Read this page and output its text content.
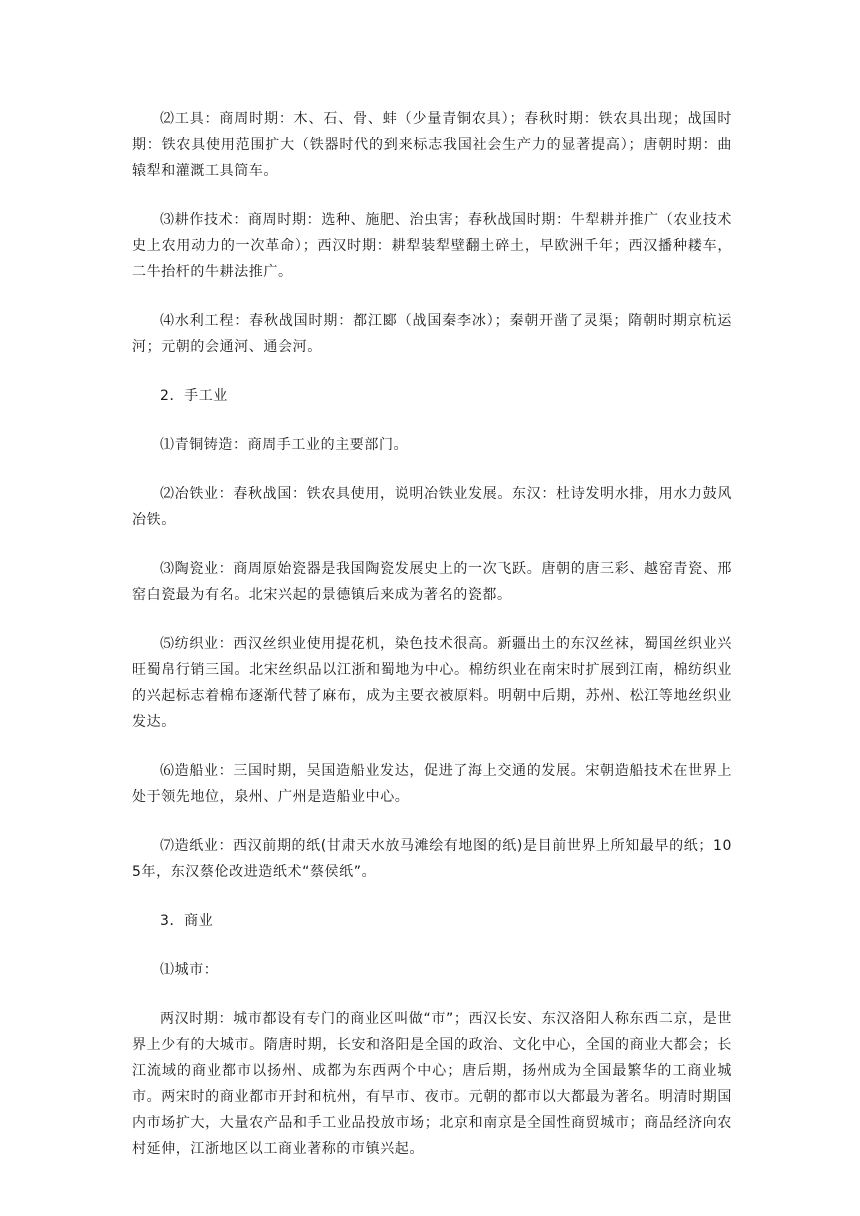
⑵工具：商周时期：木、石、骨、蚌（少量青铜农具）；春秋时期：铁农具出现；战国时期：铁农具使用范围扩大（铁器时代的到来标志我国社会生产力的显著提高）；唐朝时期：曲辕犁和灌溉工具筒车。

⑶耕作技术：商周时期：选种、施肥、治虫害；春秋战国时期：牛犁耕并推广（农业技术史上农用动力的一次革命）；西汉时期：耕犁装犁壁翻土碎土，早欧洲千年；西汉播种耧车，二牛抬杆的牛耕法推广。

⑷水利工程：春秋战国时期：都江郾（战国秦李冰）；秦朝开凿了灵渠；隋朝时期京杭运河；元朝的会通河、通会河。

2．手工业

⑴青铜铸造：商周手工业的主要部门。

⑵冶铁业：春秋战国：铁农具使用，说明冶铁业发展。东汉：杜诗发明水排，用水力鼓风冶铁。

⑶陶瓷业：商周原始瓷器是我国陶瓷发展史上的一次飞跃。唐朝的唐三彩、越窑青瓷、邢窑白瓷最为有名。北宋兴起的景德镇后来成为著名的瓷都。

⑸纺织业：西汉丝织业使用提花机，染色技术很高。新疆出土的东汉丝袜，蜀国丝织业兴旺蜀帛行销三国。北宋丝织品以江浙和蜀地为中心。棉纺织业在南宋时扩展到江南，棉纺织业的兴起标志着棉布逐渐代替了麻布，成为主要衣被原料。明朝中后期，苏州、松江等地丝织业发达。

⑹造船业：三国时期，吴国造船业发达，促进了海上交通的发展。宋朝造船技术在世界上处于领先地位，泉州、广州是造船业中心。

⑺造纸业：西汉前期的纸(甘肃天水放马滩绘有地图的纸)是目前世界上所知最早的纸；105年，东汉蔡伦改进造纸术“蔡侯纸”。

3．商业

⑴城市：

两汉时期：城市都设有专门的商业区叫做“市”；西汉长安、东汉洛阳人称东西二京，是世界上少有的大城市。隋唐时期，长安和洛阳是全国的政治、文化中心，全国的商业大都会；长江流域的商业都市以扬州、成都为东西两个中心；唐后期，扬州成为全国最繁华的工商业城市。两宋时的商业都市开封和杭州，有早市、夜市。元朝的都市以大都最为著名。明清时期国内市场扩大，大量农产品和手工业品投放市场；北京和南京是全国性商贸城市；商品经济向农村延伸，江浙地区以工商业著称的市镇兴起。
